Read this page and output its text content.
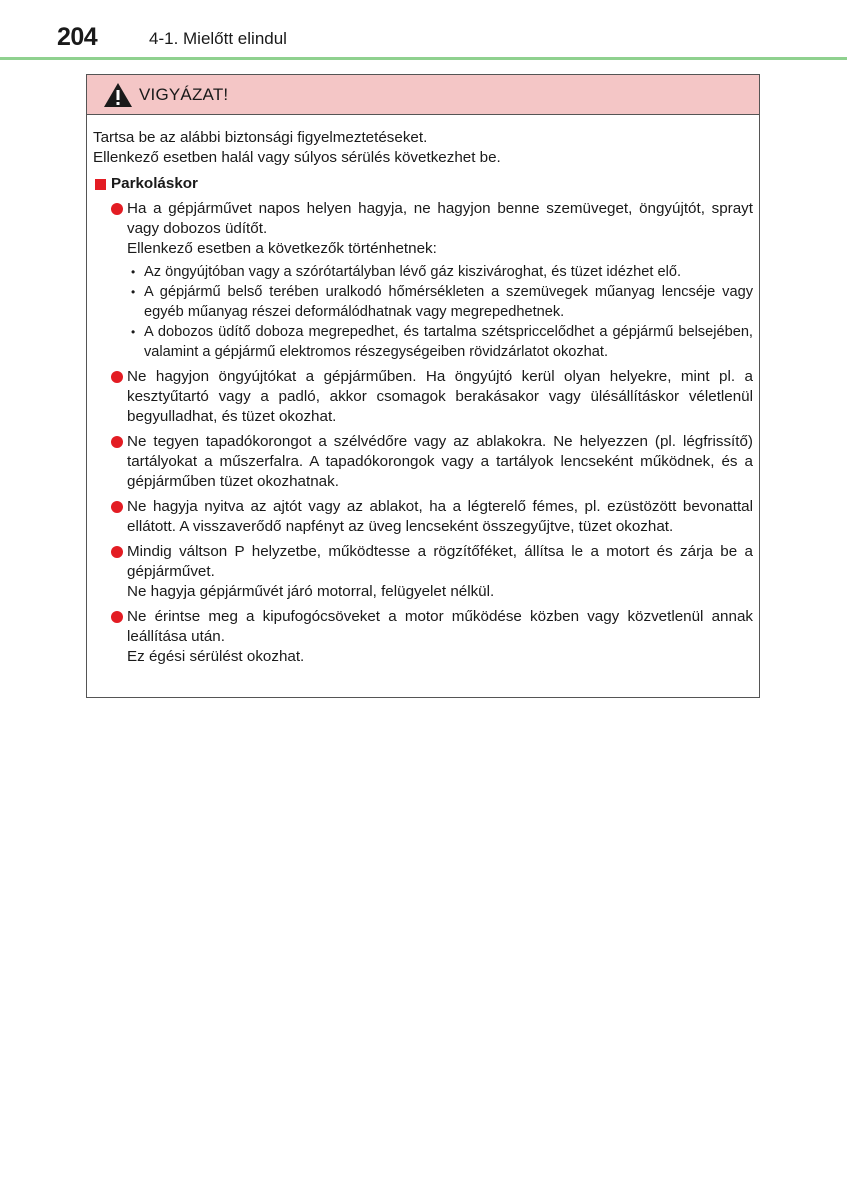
204	4-1. Mielőtt elindul
VIGYÁZAT!
Tartsa be az alábbi biztonsági figyelmeztetéseket.
Ellenkező esetben halál vagy súlyos sérülés következhet be.
Parkoláskor

Ha a gépjárművet napos helyen hagyja, ne hagyjon benne szemüveget, öngyújtót, sprayt vagy dobozos üdítőt.

Ellenkező esetben a következők történhetnek:

• Az öngyújtóban vagy a szórótartályban lévő gáz kiszivároghat, és tüzet idézhet elő.

• A gépjármű belső terében uralkodó hőmérsékleten a szemüvegek műanyag lencséje vagy egyéb műanyag részei deformálódhatnak vagy megrepedhetnek.

• A dobozos üdítő doboza megrepedhet, és tartalma szétspriccelődhet a gépjármű belsejében, valamint a gépjármű elektromos részegységeiben rövidzárlatot okozhat.

Ne hagyjon öngyújtókat a gépjárműben. Ha öngyújtó kerül olyan helyekre, mint pl. a kesztyűtartó vagy a padló, akkor csomagok berakásakor vagy ülésállításkor véletlenül begyulladhat, és tüzet okozhat.

Ne tegyen tapadókorongot a szélvédőre vagy az ablakokra. Ne helyezzen (pl. légfrissítő) tartályokat a műszerfalra. A tapadókorongok vagy a tartályok lencseként működnek, és a gépjárműben tüzet okozhatnak.

Ne hagyja nyitva az ajtót vagy az ablakot, ha a légterelő fémes, pl. ezüstözött bevonattal ellátott. A visszaverődő napfényt az üveg lencseként összegyűjtve, tüzet okozhat.

Mindig váltson P helyzetbe, működtesse a rögzítőféket, állítsa le a motort és zárja be a gépjárművet.

Ne hagyja gépjárművét járó motorral, felügyelet nélkül.

Ne érintse meg a kipufogócsöveket a motor működése közben vagy közvetlenül annak leállítása után.

Ez égési sérülést okozhat.
